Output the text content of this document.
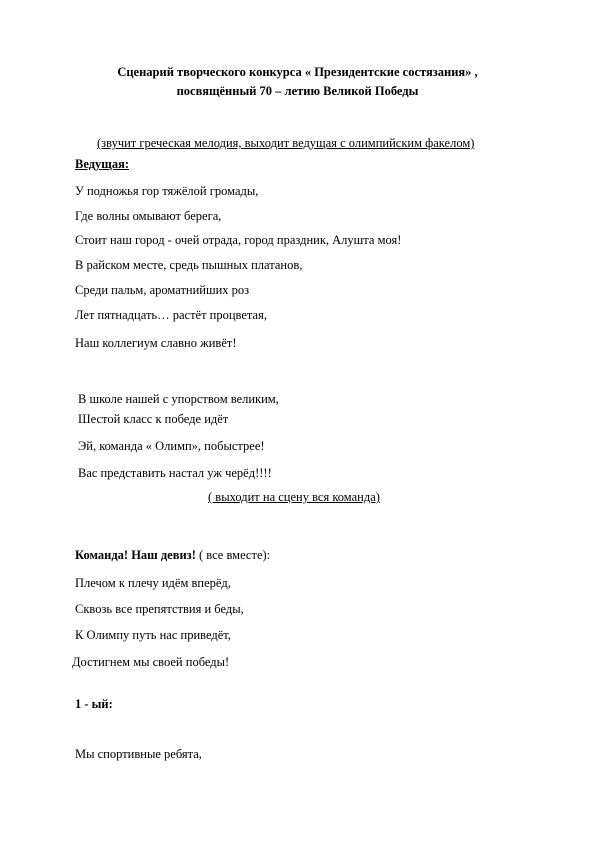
Сценарий творческого конкурса « Президентские состязания» ,
посвящённый 70 – летию Великой Победы
(звучит греческая мелодия, выходит ведущая с олимпийским факелом)
Ведущая:
У подножья гор тяжёлой громады,
Где волны омывают берега,
Стоит наш город - очей отрада, город праздник, Алушта моя!
В райском месте, средь пышных платанов,
Среди пальм, ароматнийших роз
Лет пятнадцать… растёт процветая,
Наш коллегиум славно живёт!
В школе нашей с упорством великим,
Шестой класс к победе идёт
Эй, команда « Олимп», побыстрее!
Вас представить настал уж черёд!!!!
( выходит на сцену вся команда)
Команда! Наш девиз! ( все вместе):
Плечом к плечу идём вперёд,
Сквозь все препятствия и беды,
К Олимпу путь нас приведёт,
Достигнем мы своей победы!
1 - ый:
Мы спортивные ребята,
